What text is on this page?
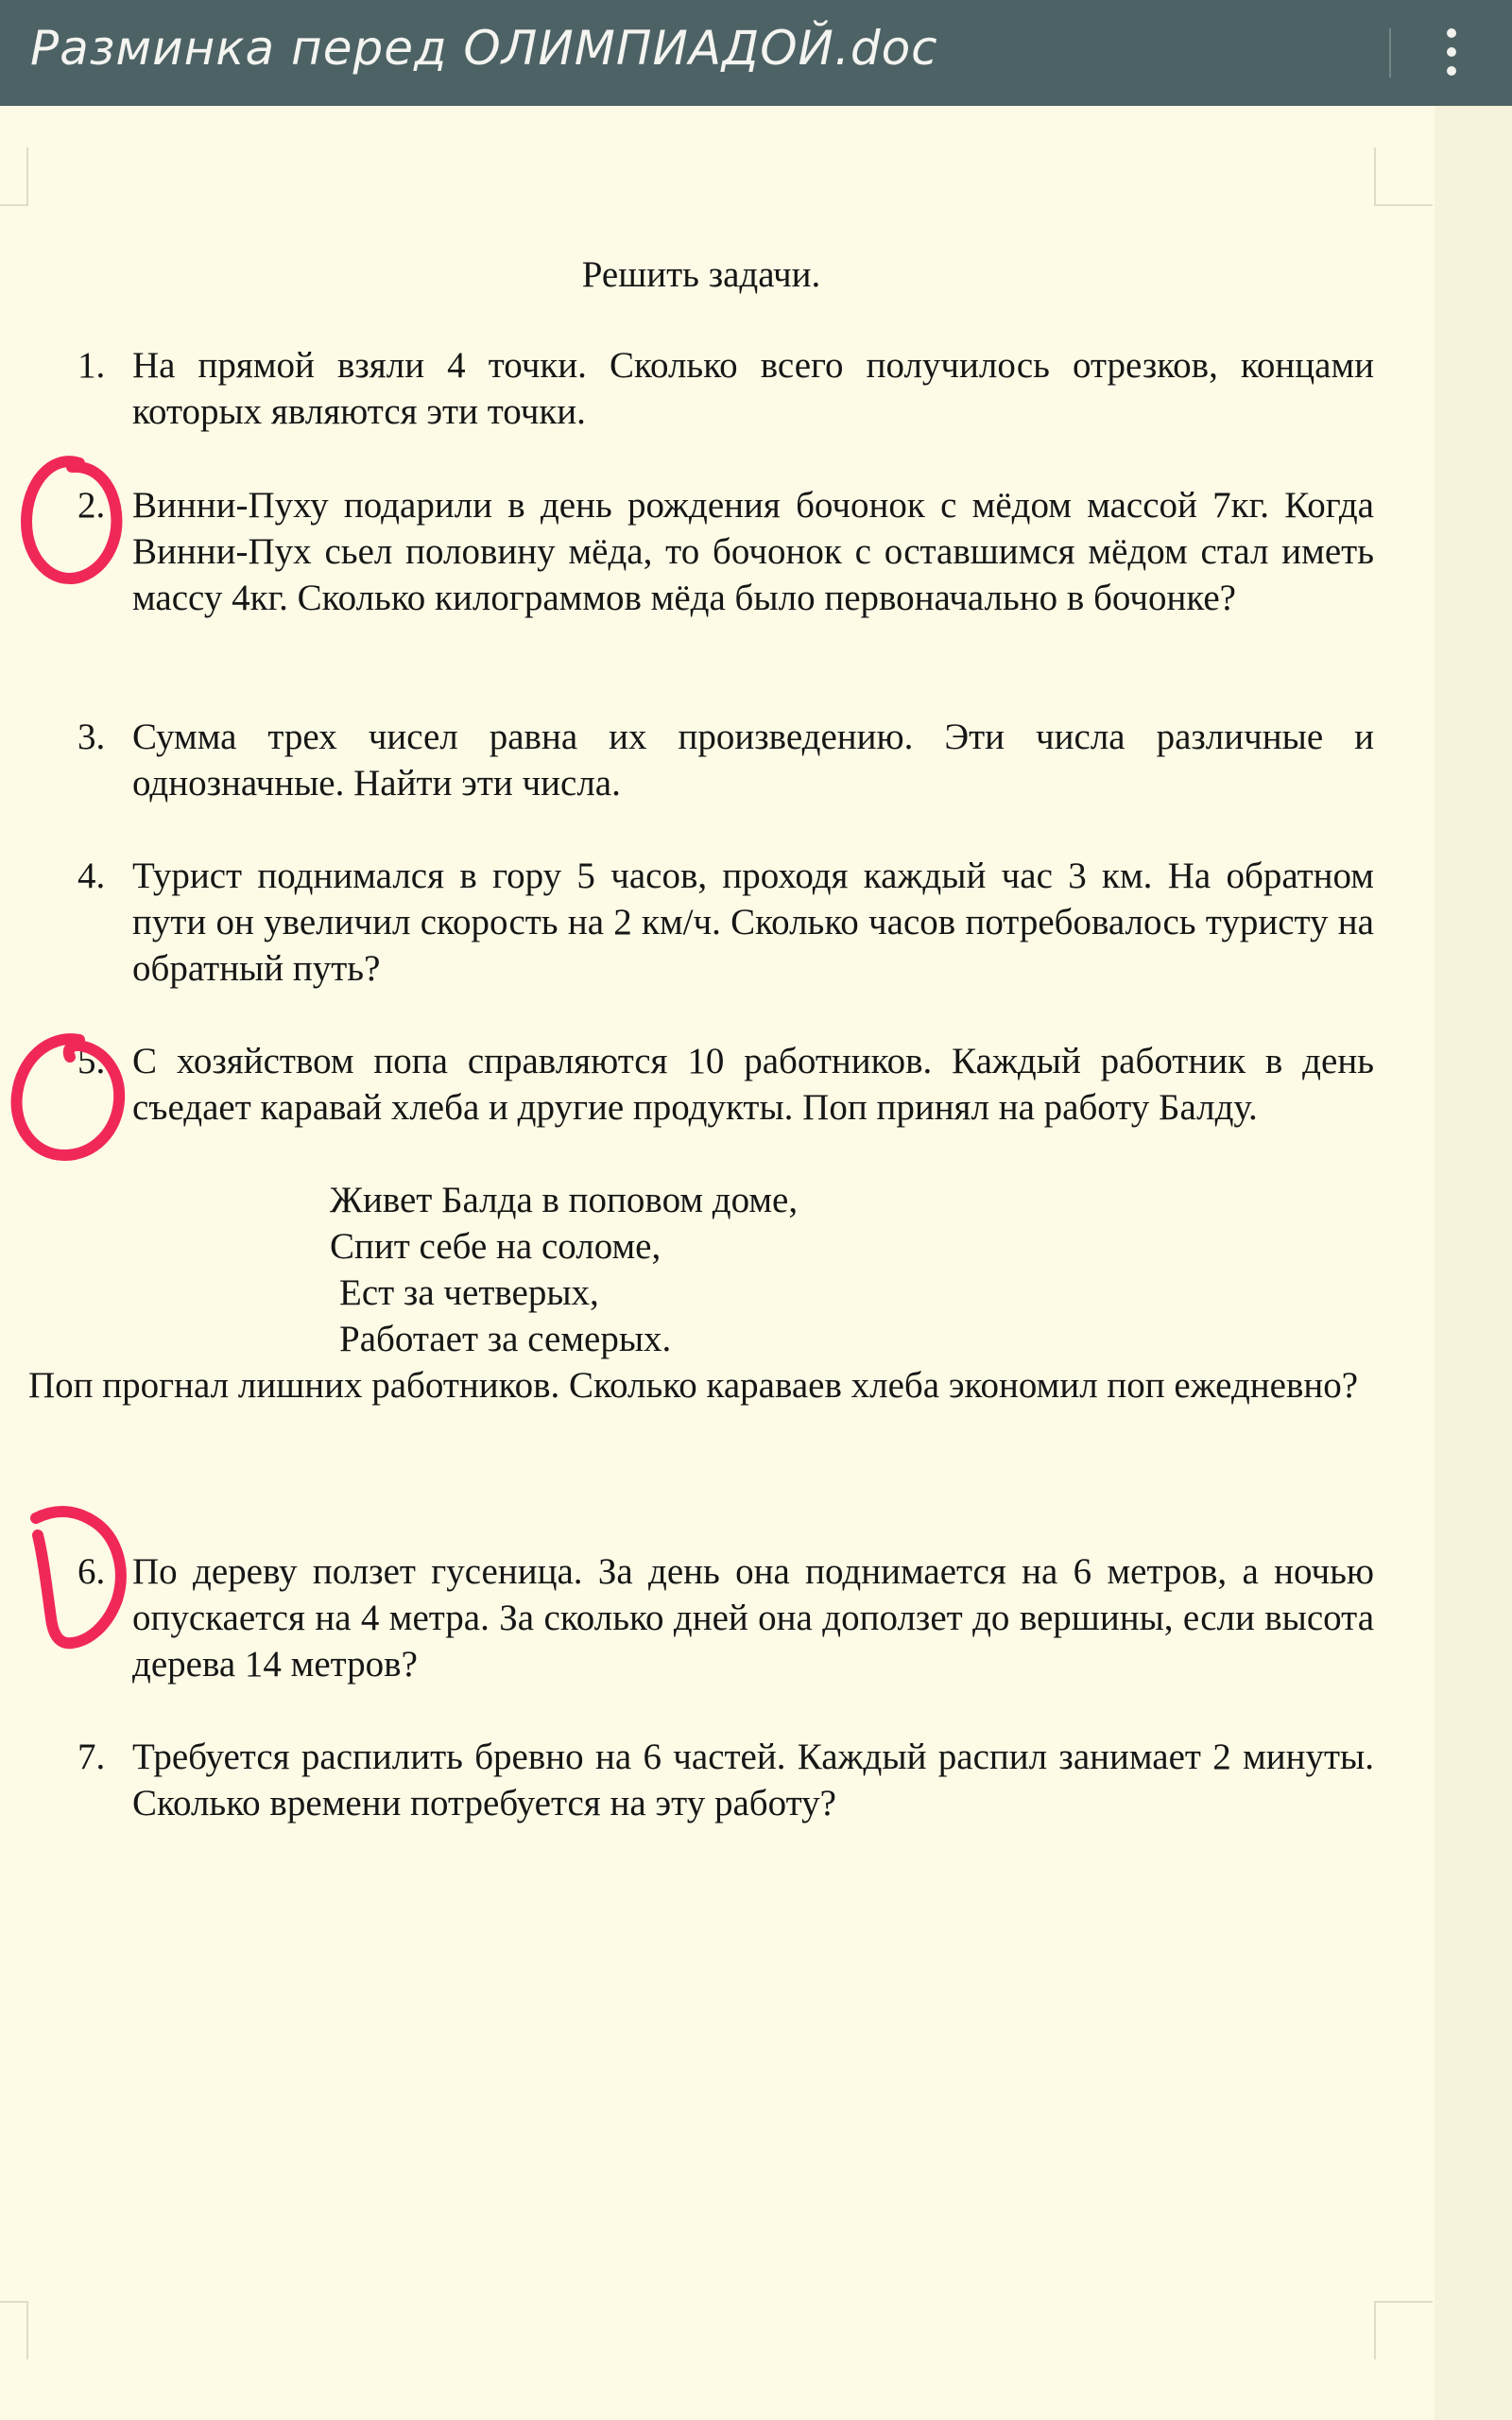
Разминка перед ОЛИМПИАДОЙ.doc
Решить задачи.
1. На прямой взяли 4 точки. Сколько всего получилось отрезков, концами которых являются эти точки.
2. Винни-Пуху подарили в день рождения бочонок с мёдом массой 7кг. Когда Винни-Пух сьел половину мёда, то бочонок с оставшимся мёдом стал иметь массу 4кг. Сколько килограммов мёда было первоначально в бочонке?
3. Сумма трех чисел равна их произведению. Эти числа различные и однозначные. Найти эти числа.
4. Турист поднимался в гору 5 часов, проходя каждый час 3 км. На обратном пути он увеличил скорость на 2 км/ч. Сколько часов потребовалось туристу на обратный путь?
5. С хозяйством попа справляются 10 работников. Каждый работник в день съедает каравай хлеба и другие продукты. Поп принял на работу Балду.
Живет Балда в поповом доме,
Спит себе на соломе,
Ест за четверых,
Работает за семерых.
Поп прогнал лишних работников. Сколько караваев хлеба экономил поп ежедневно?
6. По дереву ползет гусеница. За день она поднимается на 6 метров, а ночью опускается на 4 метра. За сколько дней она доползет до вершины, если высота дерева 14 метров?
7. Требуется распилить бревно на 6 частей. Каждый распил занимает 2 минуты. Сколько времени потребуется на эту работу?
